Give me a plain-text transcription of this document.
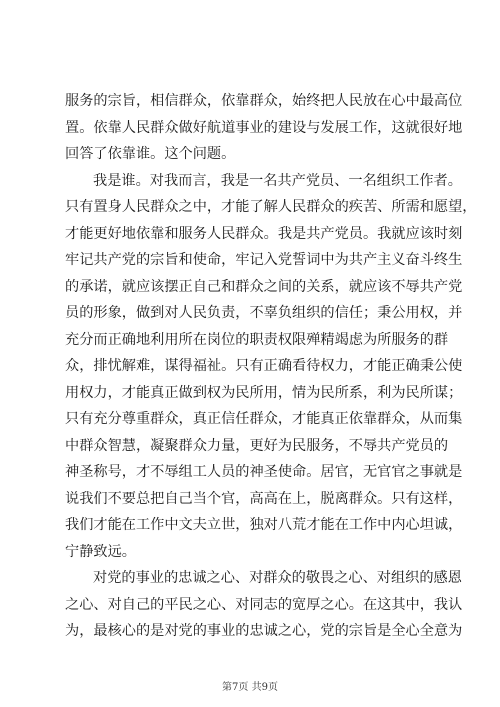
服务的宗旨，相信群众，依靠群众，始终把人民放在心中最高位
置。依靠人民群众做好航道事业的建设与发展工作，这就很好地
回答了依靠谁。这个问题。

我是谁。对我而言，我是一名共产党员、一名组织工作者。
只有置身人民群众之中，才能了解人民群众的疾苦、所需和愿望，
才能更好地依靠和服务人民群众。我是共产党员。我就应该时刻
牢记共产党的宗旨和使命，牢记入党誓词中为共产主义奋斗终生
的承诺，就应该摆正自己和群众之间的关系，就应该不辱共产党
员的形象，做到对人民负责，不辜负组织的信任；秉公用权，并
充分而正确地利用所在岗位的职责权限殚精竭虑为所服务的群
众，排忧解难，谋得福祉。只有正确看待权力，才能正确秉公使
用权力，才能真正做到权为民所用，情为民所系，利为民所谋；
只有充分尊重群众，真正信任群众，才能真正依靠群众，从而集
中群众智慧，凝聚群众力量，更好为民服务，不辱共产党员的
神圣称号，才不辱组工人员的神圣使命。居官，无官官之事就是
说我们不要总把自己当个官，高高在上，脱离群众。只有这样，
我们才能在工作中文夫立世，独对八荒才能在工作中内心坦诚，
宁静致远。

对党的事业的忠诚之心、对群众的敬畏之心、对组织的感恩
之心、对自己的平民之心、对同志的宽厚之心。在这其中，我认
为，最核心的是对党的事业的忠诚之心，党的宗旨是全心全意为

第7页 共9页
